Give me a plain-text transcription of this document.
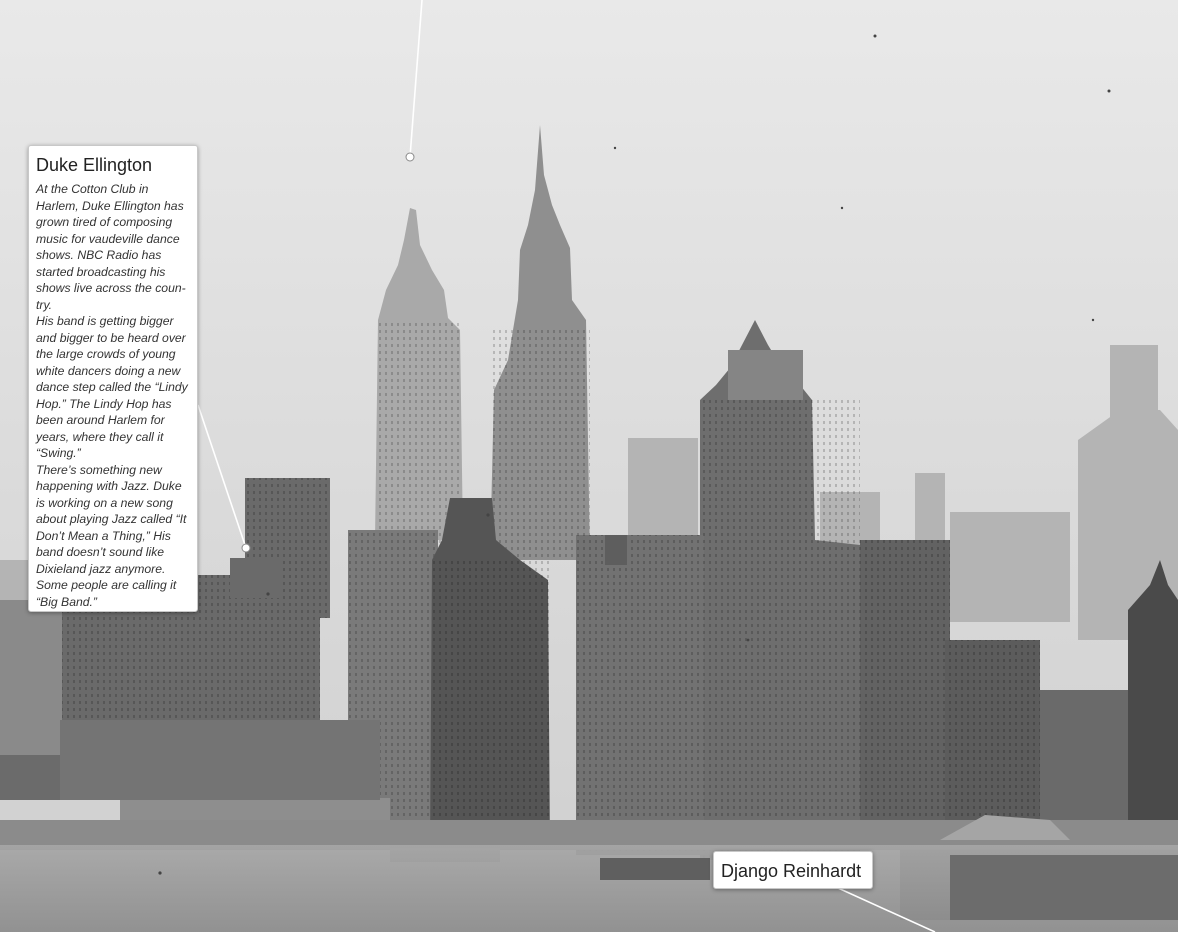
Duke Ellington

At the Cotton Club in Harlem, Duke Ellington has grown tired of composing music for vaudeville dance shows. NBC Radio has started broadcasting his shows live across the country.

His band is getting bigger and bigger to be heard over the large crowds of young white dancers doing a new dance step called the “Lindy Hop.” The Lindy Hop has been around Harlem for years, where they call it “Swing.”

There’s something new happening with Jazz. Duke is working on a new song about playing Jazz called “It Don’t Mean a Thing,” His band doesn’t sound like Dixieland jazz anymore. Some people are calling it “Big Band.”

Django Reinhardt
